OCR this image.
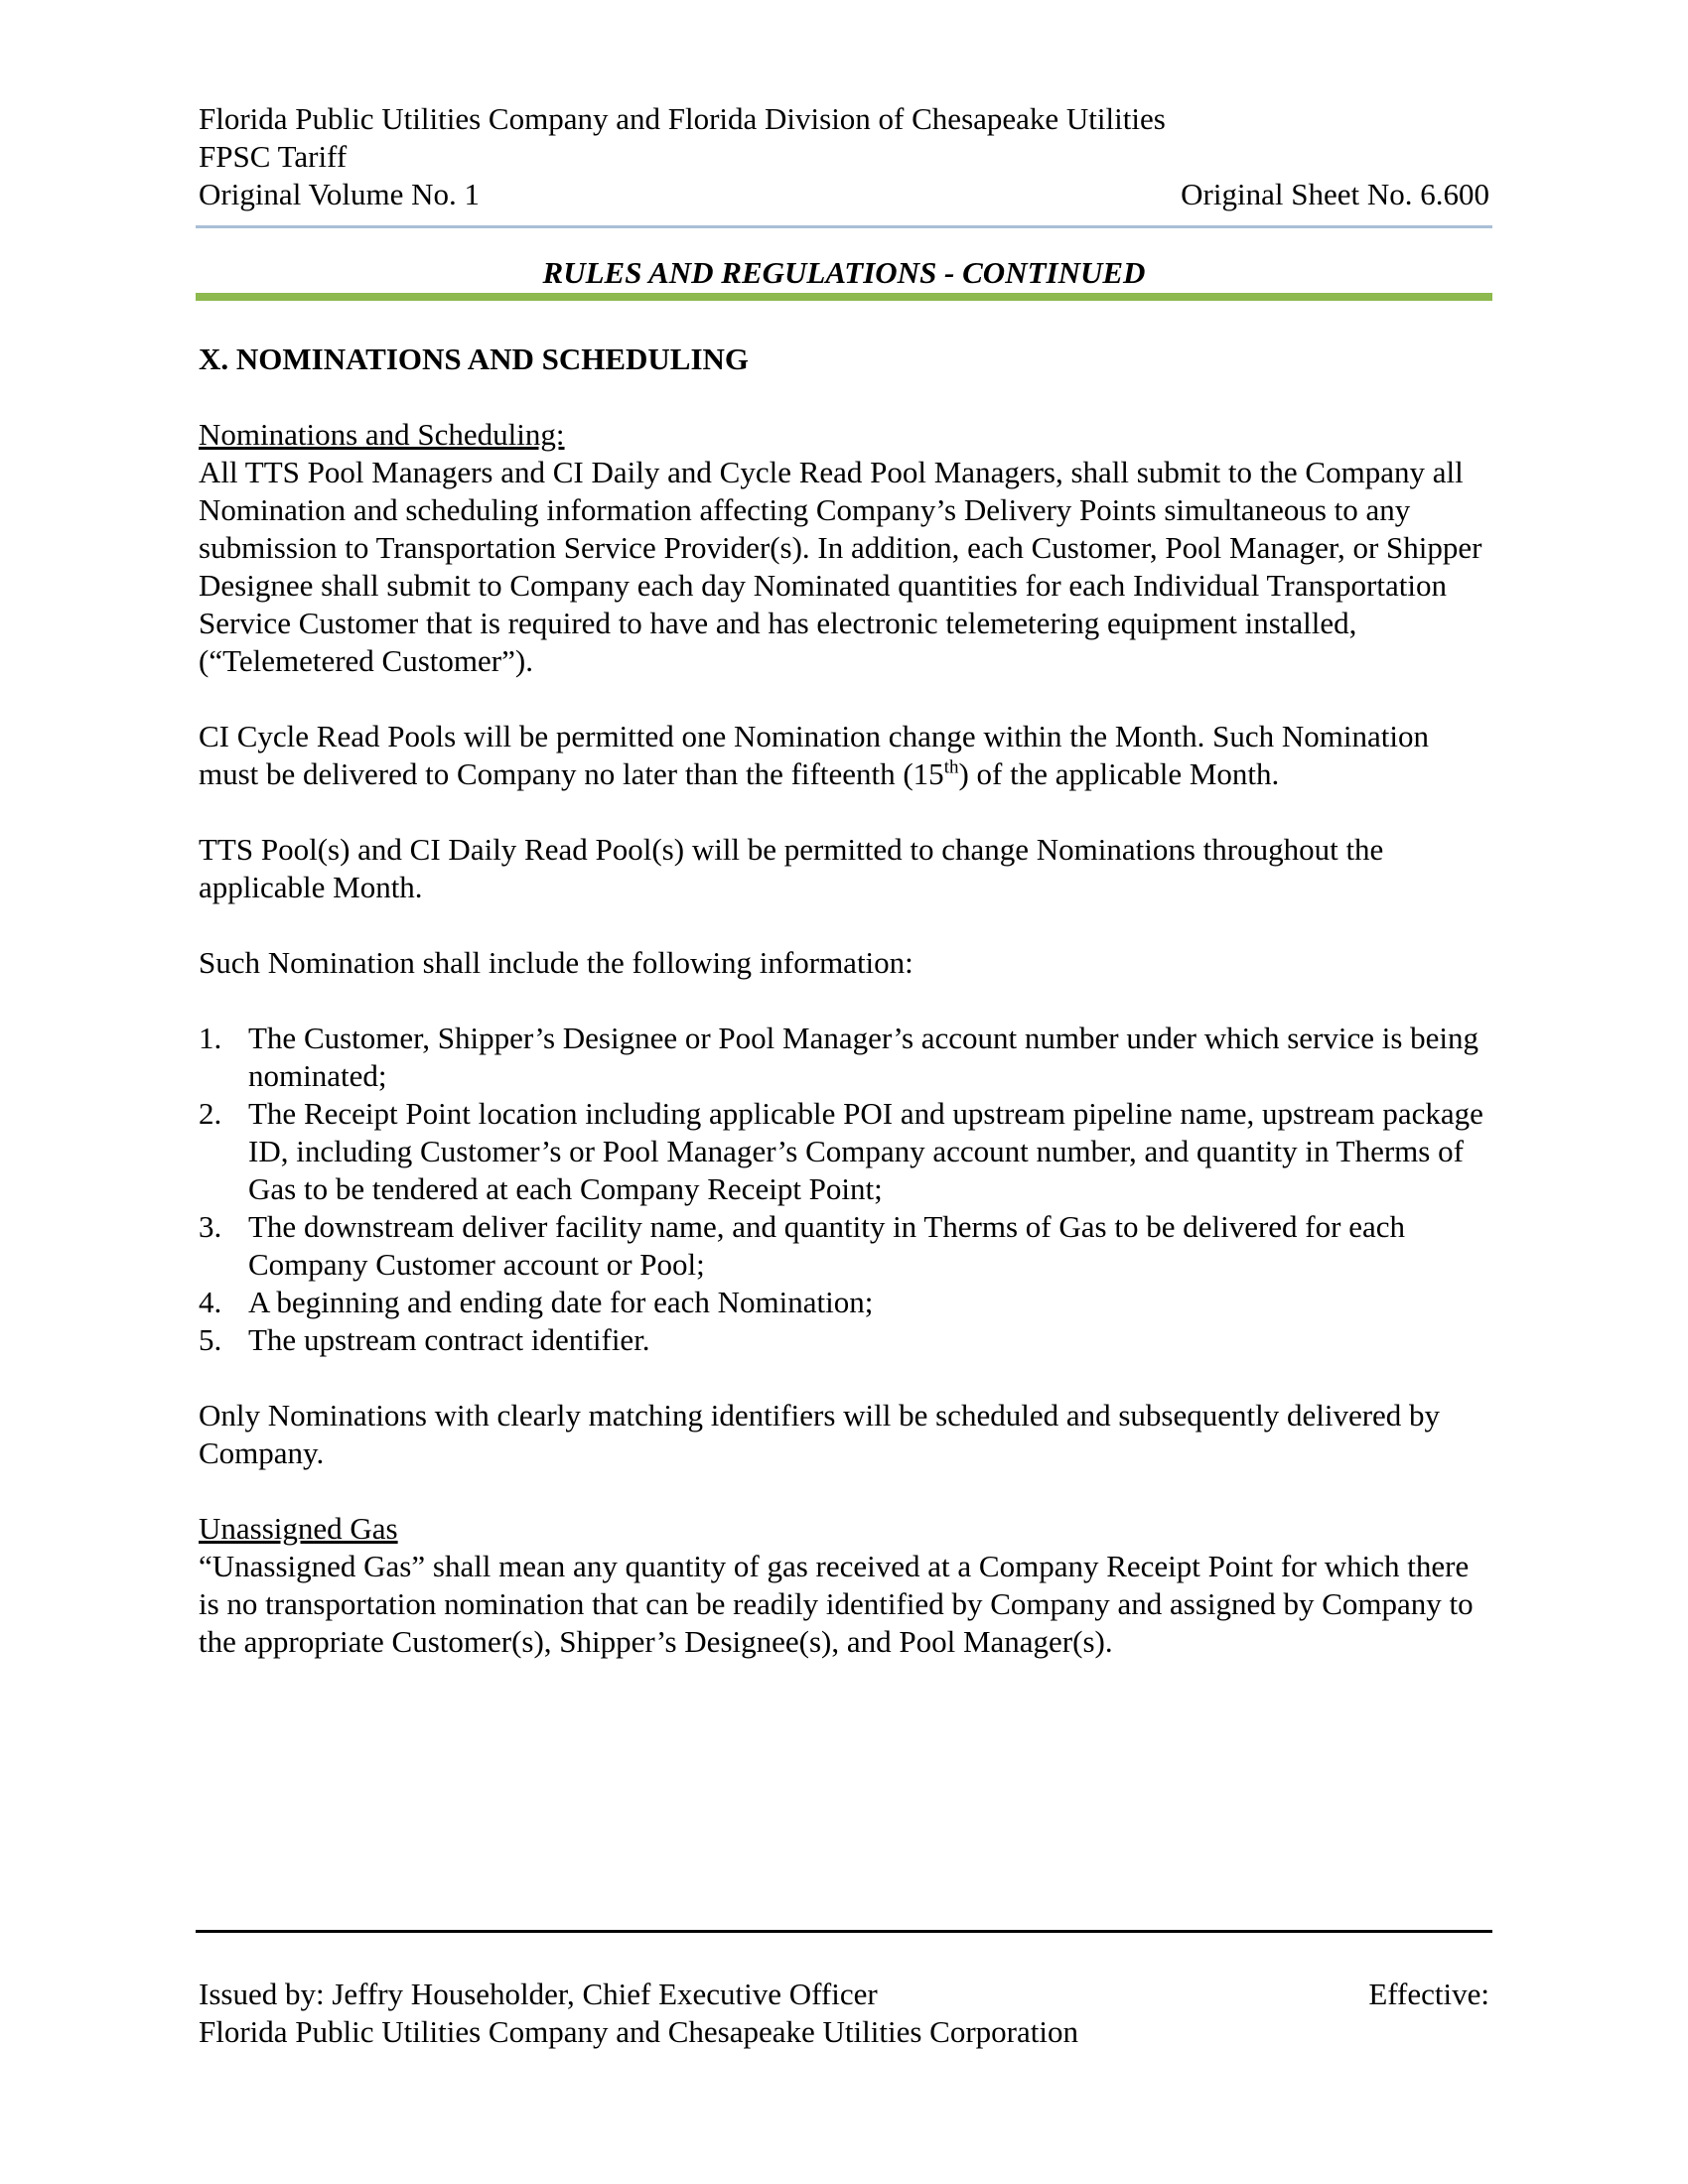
Florida Public Utilities Company and Florida Division of Chesapeake Utilities

FPSC Tariff

Original Volume No. 1	Original Sheet No. 6.600

RULES AND REGULATIONS - CONTINUED

X. NOMINATIONS AND SCHEDULING

Nominations and Scheduling:

All TTS Pool Managers and CI Daily and Cycle Read Pool Managers, shall submit to the Company all Nomination and scheduling information affecting Company’s Delivery Points simultaneous to any submission to Transportation Service Provider(s). In addition, each Customer, Pool Manager, or Shipper Designee shall submit to Company each day Nominated quantities for each Individual Transportation Service Customer that is required to have and has electronic telemetering equipment installed, (“Telemetered Customer”).

CI Cycle Read Pools will be permitted one Nomination change within the Month. Such Nomination must be delivered to Company no later than the fifteenth (15th) of the applicable Month.

TTS Pool(s) and CI Daily Read Pool(s) will be permitted to change Nominations throughout the applicable Month.

Such Nomination shall include the following information:

1. The Customer, Shipper’s Designee or Pool Manager’s account number under which service is being nominated;
2. The Receipt Point location including applicable POI and upstream pipeline name, upstream package ID, including Customer’s or Pool Manager’s Company account number, and quantity in Therms of Gas to be tendered at each Company Receipt Point;
3. The downstream deliver facility name, and quantity in Therms of Gas to be delivered for each Company Customer account or Pool;
4. A beginning and ending date for each Nomination;
5. The upstream contract identifier.

Only Nominations with clearly matching identifiers will be scheduled and subsequently delivered by Company.

Unassigned Gas

“Unassigned Gas” shall mean any quantity of gas received at a Company Receipt Point for which there is no transportation nomination that can be readily identified by Company and assigned by Company to the appropriate Customer(s), Shipper’s Designee(s), and Pool Manager(s).

Issued by: Jeffry Householder, Chief Executive Officer	Effective:

Florida Public Utilities Company and Chesapeake Utilities Corporation
